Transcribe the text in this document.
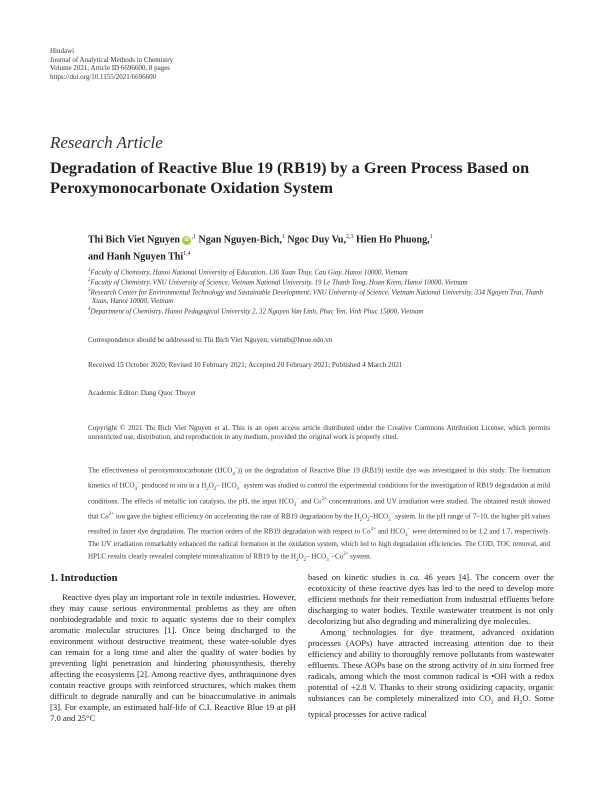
Hindawi
Journal of Analytical Methods in Chemistry
Volume 2021, Article ID 6696600, 8 pages
https://doi.org/10.1155/2021/6696600
Research Article
Degradation of Reactive Blue 19 (RB19) by a Green Process Based on Peroxymonocarbonate Oxidation System
Thi Bich Viet Nguyen $iD^{,1}$ Ngan Nguyen-Bich,$^1$ Ngoc Duy Vu,$^{2,3}$ Hien Ho Phuong,$^1$
and Hanh Nguyen Thi$^{1,4}$
$^1$Faculty of Chemistry, Hanoi National University of Education, 136 Xuan Thuy, Cau Giay, Hanoi 10000, Vietnam
$^2$Faculty of Chemistry, VNU University of Science, Vietnam National University, 19 Le Thanh Tong, Hoan Kiem, Hanoi 10000, Vietnam
$^3$Research Center for Environmental Technology and Sustainable Development, VNU University of Science, Vietnam National University, 334 Nguyen Trai, Thanh Xuan, Hanoi 10000, Vietnam
$^4$Department of Chemistry, Hanoi Pedagogical University 2, 32 Nguyen Van Linh, Phuc Yen, Vinh Phuc 15000, Vietnam
Correspondence should be addressed to Thi Bich Viet Nguyen; vietntb@hnue.edu.vn
Received 15 October 2020; Revised 10 February 2021; Accepted 20 February 2021; Published 4 March 2021
Academic Editor: Dang Quoc Thuyet
Copyright © 2021 Thi Bich Viet Nguyen et al. This is an open access article distributed under the Creative Commons Attribution License, which permits unrestricted use, distribution, and reproduction in any medium, provided the original work is properly cited.
The effectiveness of peroxymonocarbonate $(HCO_4^-)$) on the degradation of Reactive Blue 19 (RB19) textile dye was investigated in this study. The formation kinetics of $HCO_4^-$ produced in situ in a $H_2O_2-$ $HCO_3^-$ system was studied to control the experimental conditions for the investigation of RB19 degradation at mild conditions. The effects of metallic ion catalysts, the pH, the input $HCO_3^-$ and $Co^{2+}$ concentrations, and UV irradiation were studied. The obtained result showed that $Co^{2+}$ ion gave the highest efficiency on accelerating the rate of RB19 degradation by the $H_2O_2-HCO_3^-$ system. In the pH range of 7–10, the higher pH values resulted in faster dye degradation. The reaction orders of the RB19 degradation with respect to $Co^{2+}$ and $HCO_3^-$ were determined to be 1.2 and 1.7, respectively. The UV irradiation remarkably enhanced the radical formation in the oxidation system, which led to high degradation efficiencies. The COD, TOC removal, and HPLC results clearly revealed complete mineralization of RB19 by the $H_2O_2-$ $HCO_3^--Co^{2+}$ system.
1. Introduction

Reactive dyes play an important role in textile industries. However, they may cause serious environmental problems as they are often nonbiodegradable and toxic to aquatic systems due to their complex aromatic molecular structures [1]. Once being discharged to the environment without destructive treatment, these water-soluble dyes can remain for a long time and alter the quality of water bodies by preventing light penetration and hindering photosynthesis, thereby affecting the ecosystems [2]. Among reactive dyes, anthraquinone dyes contain reactive groups with reinforced structures, which makes them difficult to degrade naturally and can be bioaccumulative in animals [3]. For example, an estimated half-life of C.I. Reactive Blue 19 at pH 7.0 and 25°C

based on kinetic studies is ca. 46 years [4]. The concern over the ecotoxicity of these reactive dyes has led to the need to develop more efficient methods for their remediation from industrial effluents before discharging to water bodies. Textile wastewater treatment is not only decolorizing but also degrading and mineralizing dye molecules.

Among technologies for dye treatment, advanced oxidation processes (AOPs) have attracted increasing attention due to their efficiency and ability to thoroughly remove pollutants from wastewater effluents. These AOPs base on the strong activity of in situ formed free radicals, among which the most common radical is •OH with a redox potential of +2.8 V. Thanks to their strong oxidizing capacity, organic substances can be completely mineralized into $CO_2$ and $H_2O$. Some typical processes for active radical
